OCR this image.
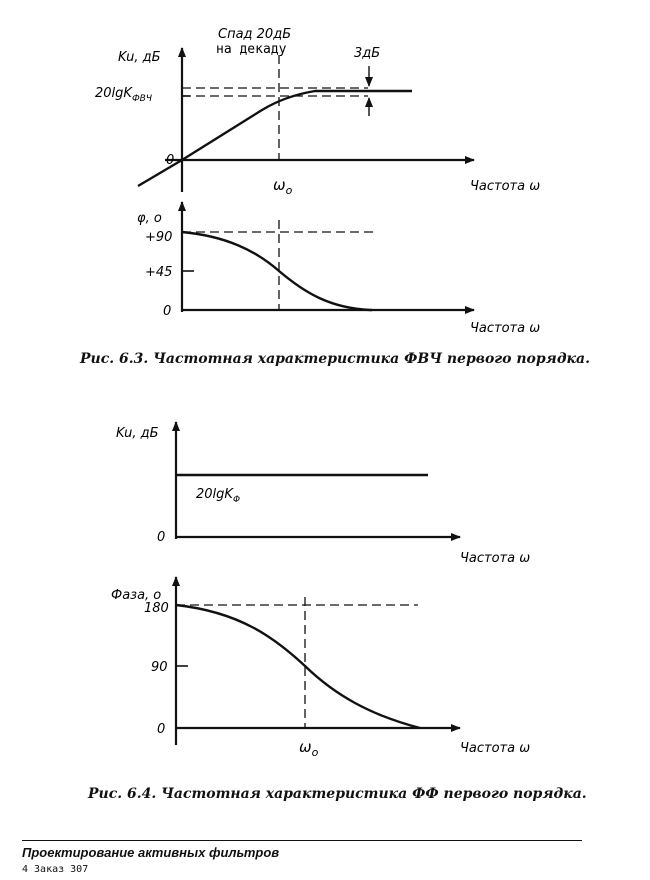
Ku, дБ
20lgK$_{ФВЧ}$
0
Спад 20дБ
на декаду	3дБ
$\omega_o$	Частота ω
φ, о
+90
+45
0
Частота ω
Ku, дБ
20lgK$_\Phi$
0
Частота ω
Фаза, о
180
90
0
$\omega_o$	Частота ω
Рис. 6.3. Частотная характеристика ФВЧ первого порядка.
Рис. 6.4. Частотная характеристика ФФ первого порядка.
Проектирование активных фильтров
4 Заказ 307
